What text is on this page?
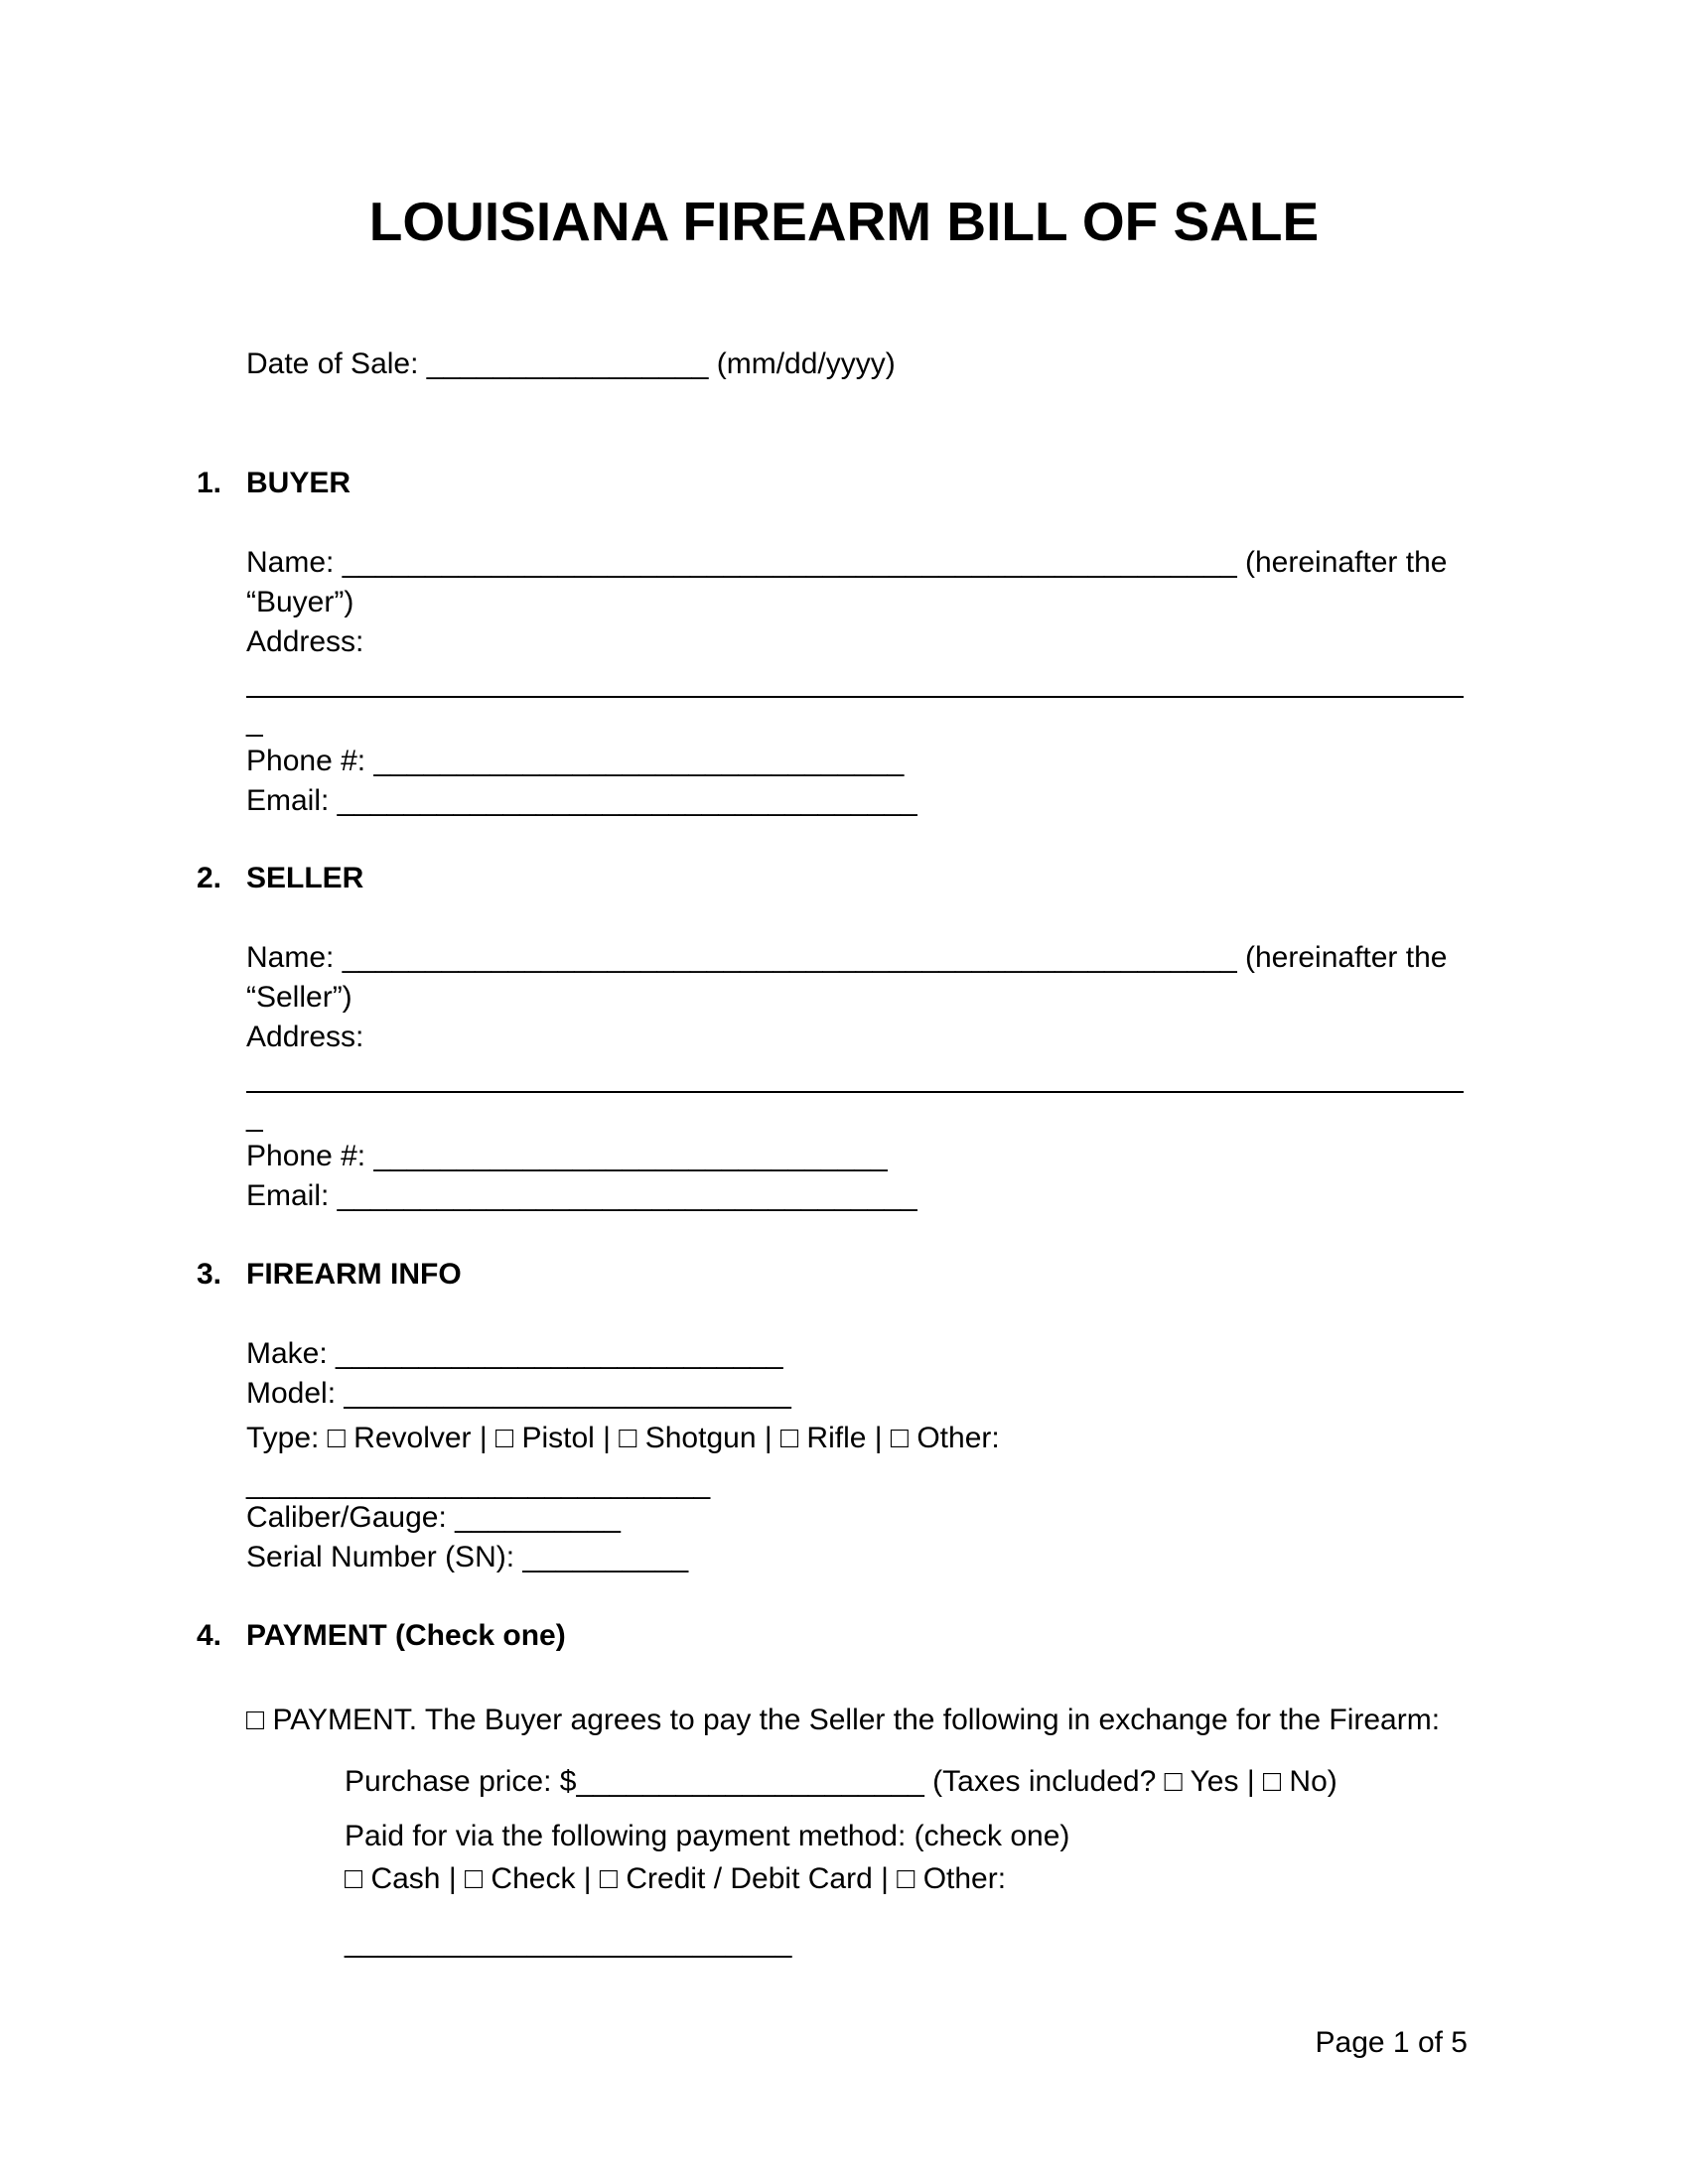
LOUISIANA FIREARM BILL OF SALE
Date of Sale: _________________ (mm/dd/yyyy)
1. BUYER
Name: ______________________________________________________ (hereinafter the
“Buyer”)
Address:
_
Phone #: ________________________________
Email: ___________________________________
2. SELLER
Name: ______________________________________________________ (hereinafter the
“Seller”)
Address:
_
Phone #: _______________________________
Email: ___________________________________
3. FIREARM INFO
Make: ___________________________
Model: ___________________________
Type: □ Revolver | □ Pistol | □ Shotgun | □ Rifle | □ Other:
____________________________
Caliber/Gauge: __________
Serial Number (SN): __________
4. PAYMENT (Check one)
□ PAYMENT. The Buyer agrees to pay the Seller the following in exchange for the Firearm:
Purchase price: $_____________________ (Taxes included? □ Yes | □ No)
Paid for via the following payment method: (check one)
□ Cash | □ Check | □ Credit / Debit Card | □ Other:
___________________________
Page 1 of 5
